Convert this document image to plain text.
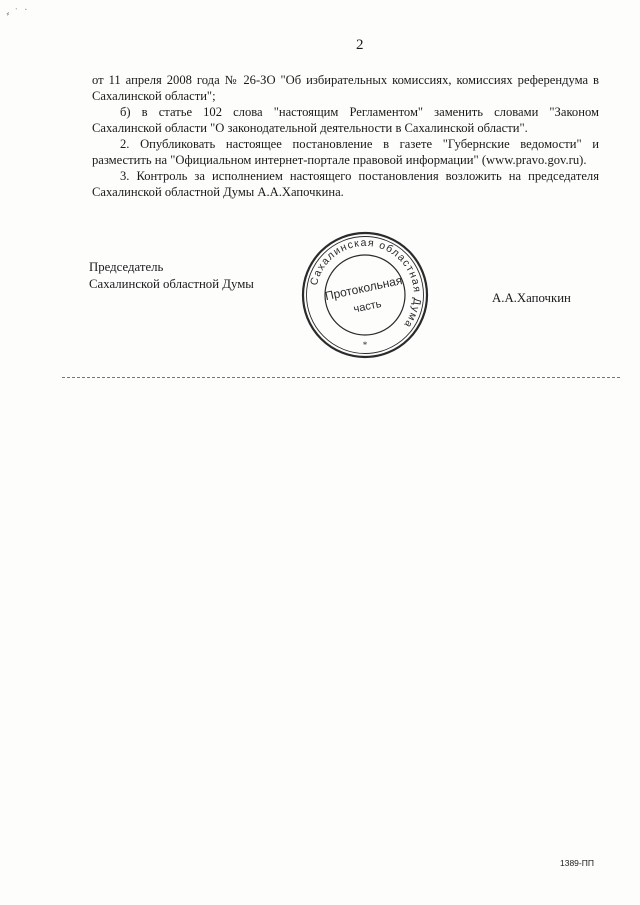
⸗ ˙ ·
2

от 11 апреля 2008 года № 26-ЗО "Об избирательных комиссиях, комиссиях референдума в Сахалинской области";

б) в статье 102 слова "настоящим Регламентом" заменить словами "Законом Сахалинской области "О законодательной деятельности в Сахалинской области".

2. Опубликовать настоящее постановление в газете "Губернские ведомости" и разместить на "Официальном интернет-портале правовой информации" (www.pravo.gov.ru).

3. Контроль за исполнением настоящего постановления возложить на председателя Сахалинской областной Думы А.А.Хапочкина.

Председатель
Сахалинской областной Думы	Сахалинская областная Дума
*
Протокольная
часть	А.А.Хапочкин
1389-ПП
